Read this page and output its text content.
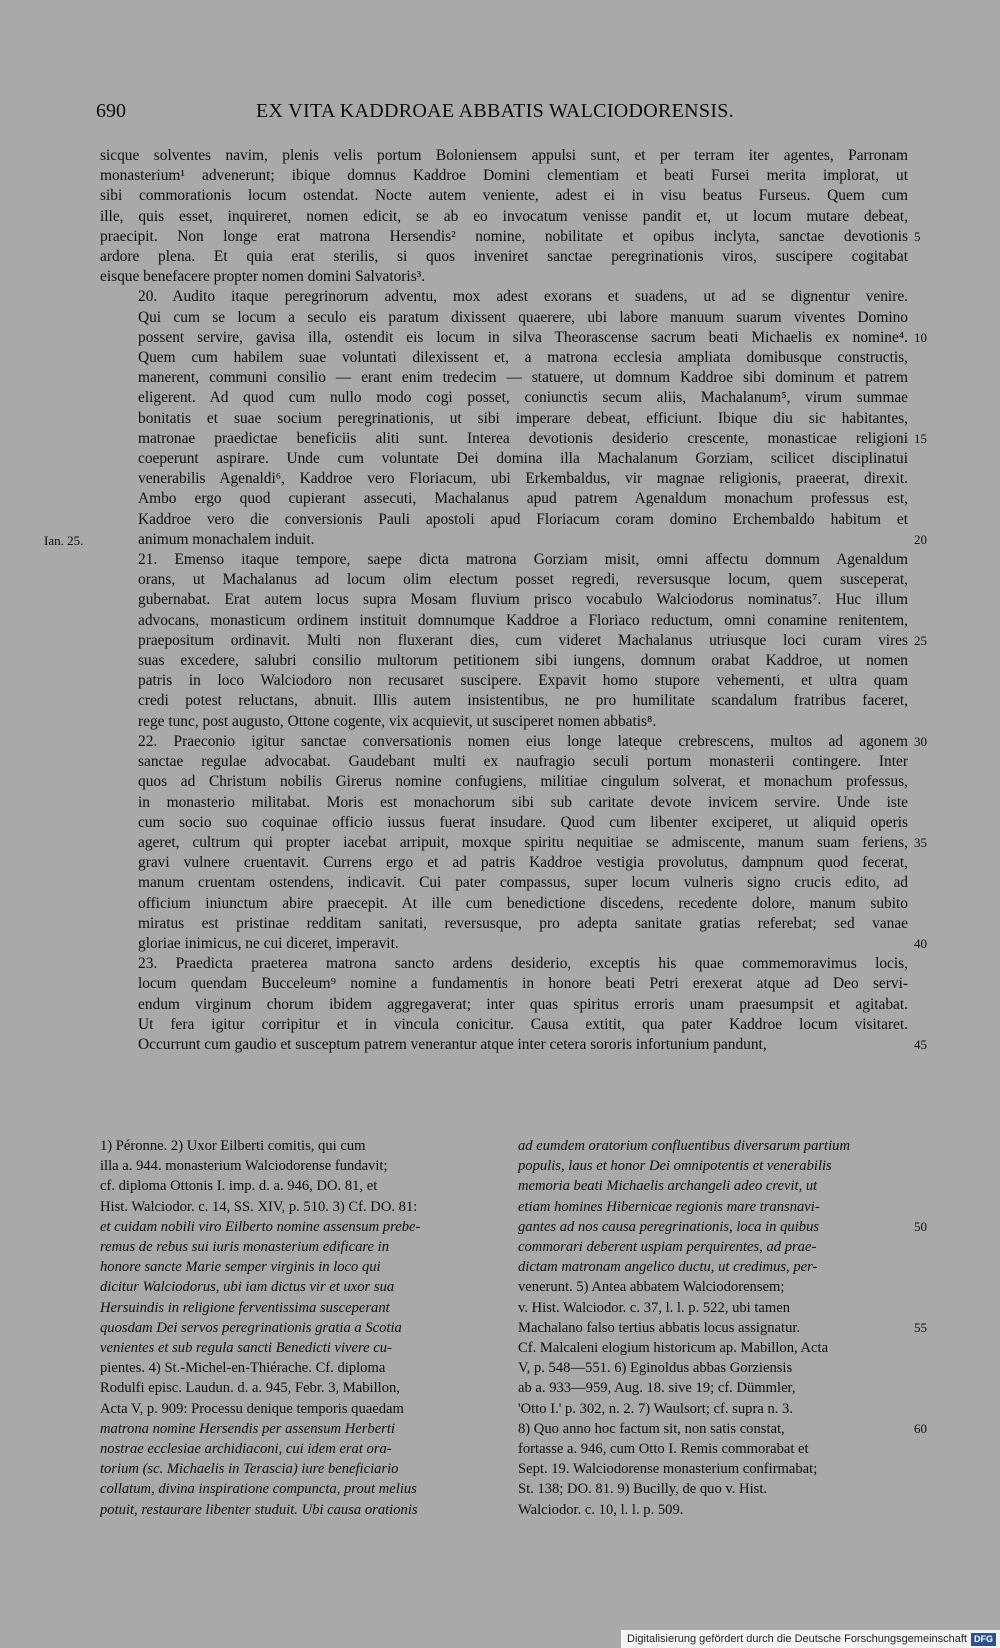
690	EX VITA KADDROAE ABBATIS WALCIODORENSIS.
sicque solventes navim, plenis velis portum Boloniensem appulsi sunt, et per terram iter agentes, Parronam
monasterium¹ advenerunt; ibique domnus Kaddroe Domini clementiam et beati Fursei merita implorat, ut
sibi commorationis locum ostendat. Nocte autem veniente, adest ei in visu beatus Furseus. Quem cum
ille, quis esset, inquireret, nomen edicit, se ab eo invocatum venisse pandit et, ut locum mutare debeat,
praecipit. Non longe erat matrona Hersendis² nomine, nobilitate et opibus inclyta, sanctae devotionis
ardore plena. Et quia erat sterilis, si quos inveniret sanctae peregrinationis viros, suscipere cogitabat
eisque benefacere propter nomen domini Salvatoris³.
20. Audito itaque peregrinorum adventu, mox adest exorans et suadens, ut ad se dignentur venire.
Qui cum se locum a seculo eis paratum dixissent quaerere, ubi labore manuum suarum viventes Domino
possent servire, gavisa illa, ostendit eis locum in silva Theorascense sacrum beati Michaelis ex nomine⁴.
Quem cum habilem suae voluntati dilexissent et, a matrona ecclesia ampliata domibusque constructis,
manerent, communi consilio — erant enim tredecim — statuere, ut domnum Kaddroe sibi dominum et patrem
eligerent. Ad quod cum nullo modo cogi posset, coniunctis secum aliis, Machalanum⁵, virum summae
bonitatis et suae socium peregrinationis, ut sibi imperare debeat, efficiunt. Ibique diu sic habitantes,
matronae praedictae beneficiis aliti sunt. Interea devotionis desiderio crescente, monasticae religioni
coeperunt aspirare. Unde cum voluntate Dei domina illa Machalanum Gorziam, scilicet disciplinatui
venerabilis Agenaldi⁶, Kaddroe vero Floriacum, ubi Erkembaldus, vir magnae religionis, praeerat, direxit.
Ambo ergo quod cupierant assecuti, Machalanus apud patrem Agenaldum monachum professus est,
Kaddroe vero die conversionis Pauli apostoli apud Floriacum coram domino Erchembaldo habitum et
animum monachalem induit.
21. Emenso itaque tempore, saepe dicta matrona Gorziam misit, omni affectu domnum Agenaldum
orans, ut Machalanus ad locum olim electum posset regredi, reversusque locum, quem susceperat,
gubernabat. Erat autem locus supra Mosam fluvium prisco vocabulo Walciodorus nominatus⁷. Huc illum
advocans, monasticum ordinem instituit domnumque Kaddroe a Floriaco reductum, omni conamine renitentem,
praepositum ordinavit. Multi non fluxerant dies, cum videret Machalanus utriusque loci curam vires
suas excedere, salubri consilio multorum petitionem sibi iungens, domnum orabat Kaddroe, ut nomen
patris in loco Walciodoro non recusaret suscipere. Expavit homo stupore vehementi, et ultra quam
credi potest reluctans, abnuit. Illis autem insistentibus, ne pro humilitate scandalum fratribus faceret,
rege tunc, post augusto, Ottone cogente, vix acquievit, ut susciperet nomen abbatis⁸.
22. Praeconio igitur sanctae conversationis nomen eius longe lateque crebrescens, multos ad agonem
sanctae regulae advocabat. Gaudebant multi ex naufragio seculi portum monasterii contingere. Inter
quos ad Christum nobilis Girerus nomine confugiens, militiae cingulum solverat, et monachum professus,
in monasterio militabat. Moris est monachorum sibi sub caritate devote invicem servire. Unde iste
cum socio suo coquinae officio iussus fuerat insudare. Quod cum libenter exciperet, ut aliquid operis
ageret, cultrum qui propter iacebat arripuit, moxque spiritu nequitiae se admiscente, manum suam feriens,
gravi vulnere cruentavit. Currens ergo et ad patris Kaddroe vestigia provolutus, dampnum quod fecerat,
manum cruentam ostendens, indicavit. Cui pater compassus, super locum vulneris signo crucis edito, ad
officium iniunctum abire praecepit. At ille cum benedictione discedens, recedente dolore, manum subito
miratus est pristinae redditam sanitati, reversusque, pro adepta sanitate gratias referebat; sed vanae
gloriae inimicus, ne cui diceret, imperavit.
23. Praedicta praeterea matrona sancto ardens desiderio, exceptis his quae commemoravimus locis,
locum quendam Bucceleum⁹ nomine a fundamentis in honore beati Petri erexerat atque ad Deo servi-
endum virginum chorum ibidem aggregaverat; inter quas spiritus erroris unam praesumpsit et agitabat.
Ut fera igitur corripitur et in vincula conicitur. Causa extitit, qua pater Kaddroe locum visitaret.
Occurrunt cum gaudio et susceptum patrem venerantur atque inter cetera sororis infortunium pandunt,
5
10
15
20
25
30
35
40
45
Ian. 25.
1) Péronne. 2) Uxor Eilberti comitis, qui cum
illa a. 944. monasterium Walciodorense fundavit;
cf. diploma Ottonis I. imp. d. a. 946, DO. 81, et
Hist. Walciodor. c. 14, SS. XIV, p. 510. 3) Cf. DO. 81:
et cuidam nobili viro Eilberto nomine assensum prebe-
remus de rebus sui iuris monasterium edificare in
honore sancte Marie semper virginis in loco qui
dicitur Walciodorus, ubi iam dictus vir et uxor sua
Hersuindis in religione ferventissima susceperant
quosdam Dei servos peregrinationis gratia a Scotia
venientes et sub regula sancti Benedicti vivere cu-
pientes. 4) St.-Michel-en-Thiérache. Cf. diploma
Rodulfi episc. Laudun. d. a. 945, Febr. 3, Mabillon,
Acta V, p. 909: Processu denique temporis quaedam
matrona nomine Hersendis per assensum Herberti
nostrae ecclesiae archidiaconi, cui idem erat ora-
torium (sc. Michaelis in Terascia) iure beneficiario
collatum, divina inspiratione compuncta, prout melius
potuit, restaurare libenter studuit. Ubi causa orationis
ad eumdem oratorium confluentibus diversarum partium
populis, laus et honor Dei omnipotentis et venerabilis
memoria beati Michaelis archangeli adeo crevit, ut
etiam homines Hibernicae regionis mare transnavi-
gantes ad nos causa peregrinationis, loca in quibus
commorari deberent uspiam perquirentes, ad prae-
dictam matronam angelico ductu, ut credimus, per-
venerunt. 5) Antea abbatem Walciodorensem;
v. Hist. Walciodor. c. 37, l. l. p. 522, ubi tamen
Machalano falso tertius abbatis locus assignatur.
Cf. Malcaleni elogium historicum ap. Mabillon, Acta
V, p. 548—551. 6) Eginoldus abbas Gorziensis
ab a. 933—959, Aug. 18. sive 19; cf. Dümmler,
'Otto I.' p. 302, n. 2. 7) Waulsort; cf. supra n. 3.
8) Quo anno hoc factum sit, non satis constat,
fortasse a. 946, cum Otto I. Remis commorabat et
Sept. 19. Walciodorense monasterium confirmabat;
St. 138; DO. 81. 9) Bucilly, de quo v. Hist.
Walciodor. c. 10, l. l. p. 509.
50
55
60
Digitalisierung gefördert durch die Deutsche Forschungsgemeinschaft DFG
